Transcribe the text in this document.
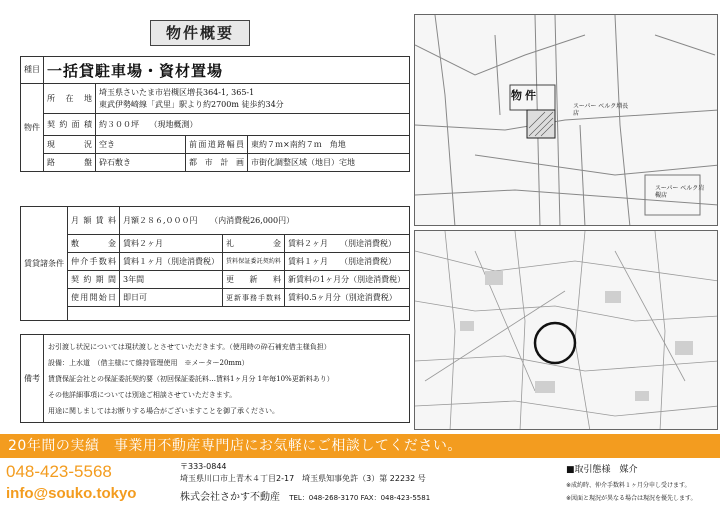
物件概要
種目	一括貸駐車場・資材置場			
物件	所在地	埼玉県さいたま市岩槻区増長364-1, 365-1
東武伊勢崎線「武里」駅より約2700m 徒歩約34分		

	契約面積	約３００坪 （現地概測）		
	現況	空き	前面道路幅員	東約７ｍ×南約７ｍ　角地
	路盤	砕石敷き	都市計画	市街化調整区域（地目）宅地
賃貸諸条件	月額賃料	月額２８６,０００円 （内消費税26,000円）		
	敷金	賃料２ヶ月	礼金	賃料２ヶ月　　（別途消費税）
	仲介手数料	賃料１ヶ月（別途消費税）	賃料保証委託契約料	賃料１ヶ月　　（別途消費税）
	契約期間	3年間	更新料	新賃料の1ヶ月分（別途消費税）
	使用開始日	即日可	更新事務手数料	賃料0.5ヶ月分（別途消費税）

備考	
お引渡し状況については現状渡しとさせていただきます。（使用時の砕石補充借主様負担）
設備：上水道　（借主様にて維持管理使用　※メーター20mm）
賃貸保証会社との保証委託契約要（初回保証委託料…賃料1ヶ月分 1年毎10%更新料あり）
その他詳細事項については別途ご相談させていただきます。
用途に関しましてはお断りする場合がございますことを御了承ください。
物件
スーパー ベルク増長店
スーパー ベルク岩槻店
20年間の実績　事業用不動産専門店にお気軽にご相談してください。
048-423-5568
info@souko.tokyo
〒333-0844
埼玉県川口市上青木４丁目2-17　埼玉県知事免許（3）第 22232 号
株式会社さかす不動産 TEL：048-268-3170 FAX：048-423-5581
■取引態様　媒介
※成約時、仲介手数料１ヶ月分申し受けます。
※図面と現況が異なる場合は現況を優先します。
